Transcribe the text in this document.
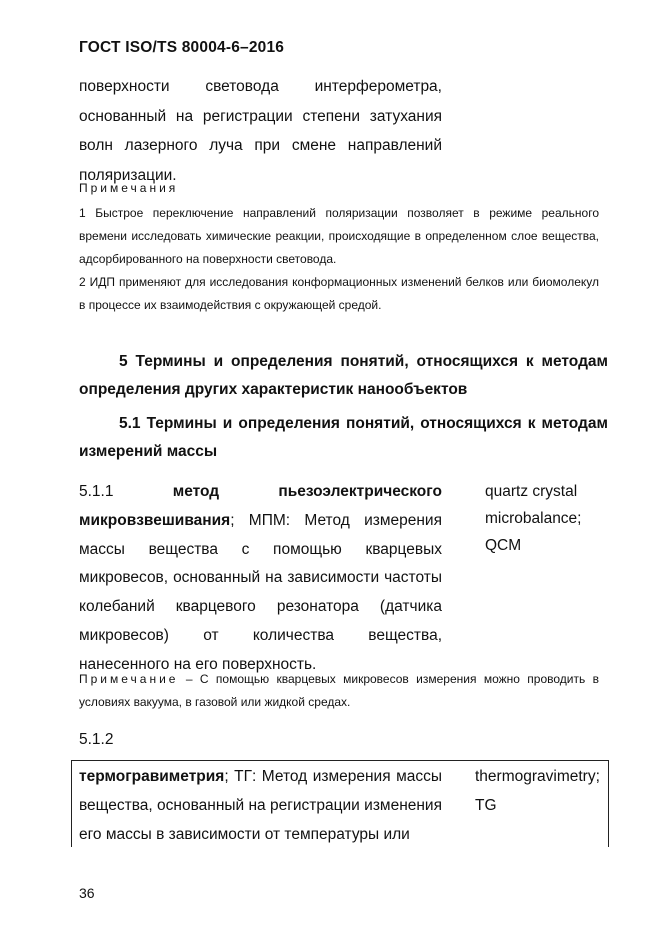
ГОСТ ISO/TS 80004-6–2016
поверхности световода интерферометра, основанный на регистрации степени затухания волн лазерного луча при смене направлений поляризации.
Примечания

1 Быстрое переключение направлений поляризации позволяет в режиме реального времени исследовать химические реакции, происходящие в определенном слое вещества, адсорбированного на поверхности световода.

2 ИДП применяют для исследования конформационных изменений белков или биомолекул в процессе их взаимодействия с окружающей средой.

5 Термины и определения понятий, относящихся к методам определения других характеристик нанообъектов
5.1 Термины и определения понятий, относящихся к методам измерений массы
5.1.1	метод пьезоэлектрического микровзвешивания; МПМ: Метод измерения массы вещества с помощью кварцевых микровесов, основанный на зависимости частоты колебаний кварцевого резонатора (датчика микровесов) от количества вещества, нанесенного на его поверхность.
quartz crystal microbalance; QCM
Примечание – С помощью кварцевых микровесов измерения можно проводить в условиях вакуума, в газовой или жидкой средах.
5.1.2
термогравиметрия; ТГ: Метод измерения массы вещества, основанный на регистрации изменения его массы в зависимости от температуры или
thermogravimetry; TG
36
